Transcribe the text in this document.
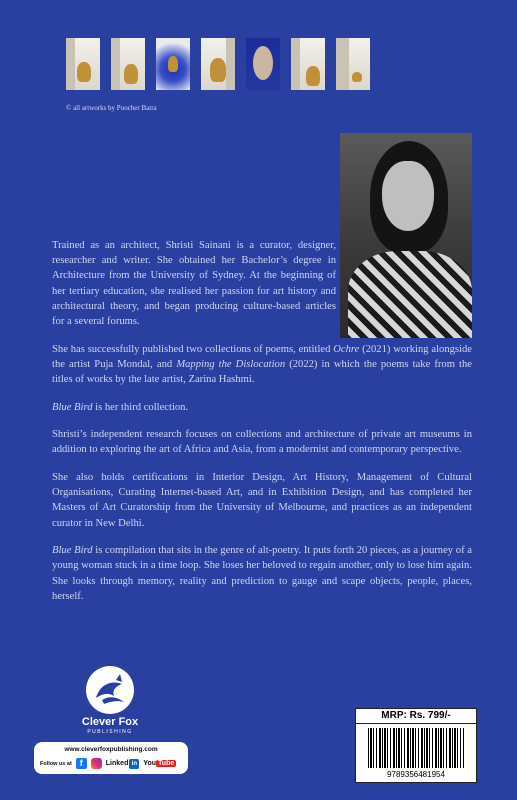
© all artworks by Poocher Batra

Trained as an architect, Shristi Sainani is a curator, designer, researcher and writer. She obtained her Bachelor’s degree in Architecture from the University of Sydney. At the beginning of her tertiary education, she realised her passion for art history and architectural theory, and began producing culture-based articles for a several forums.

She has successfully published two collections of poems, entitled Ochre (2021) working alongside the artist Puja Mondal, and Mapping the Dislocation (2022) in which the poems take from the titles of works by the late artist, Zarina Hashmi.

Blue Bird is her third collection.

Shristi’s independent research focuses on collections and architecture of private art museums in addition to exploring the art of Africa and Asia, from a modernist and contemporary perspective.

She also holds certifications in Interior Design, Art History, Management of Cultural Organisations, Curating Internet-based Art, and in Exhibition Design, and has completed her Masters of Art Curatorship from the University of Melbourne, and practices as an independent curator in New Delhi.

Blue Bird is compilation that sits in the genre of alt-poetry. It puts forth 20 pieces, as a journey of a young woman stuck in a time loop. She loses her beloved to regain another, only to lose him again. She looks through memory, reality and prediction to gauge and scape objects, people, places, herself.

Clever Fox
PUBLISHING
www.cleverfoxpublishing.com
Follow us at f	Linked in You Tube
MRP: Rs. 799/-
9789356481954
